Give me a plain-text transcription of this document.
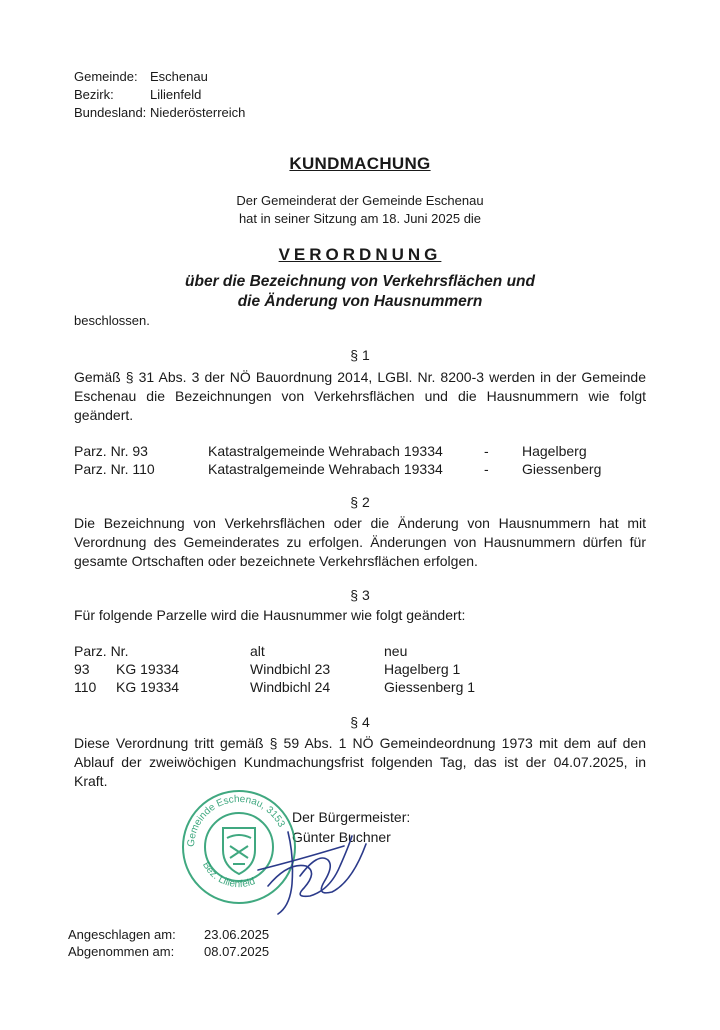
Gemeinde: Eschenau
Bezirk:	Lilienfeld
Bundesland: Niederösterreich
KUNDMACHUNG
Der Gemeinderat der Gemeinde Eschenau
hat in seiner Sitzung am 18. Juni 2025 die
VERORDNUNG
über die Bezeichnung von Verkehrsflächen und
die Änderung von Hausnummern
beschlossen.
§ 1
Gemäß § 31 Abs. 3 der NÖ Bauordnung 2014, LGBl. Nr. 8200-3 werden in der Gemeinde Eschenau die Bezeichnungen von Verkehrsflächen und die Hausnummern wie folgt geändert.
Parz. Nr. 93	Katastralgemeinde Wehrabach 19334	-	Hagelberg
Parz. Nr. 110	Katastralgemeinde Wehrabach 19334	-	Giessenberg
§ 2
Die Bezeichnung von Verkehrsflächen oder die Änderung von Hausnummern hat mit Verordnung des Gemeinderates zu erfolgen. Änderungen von Hausnummern dürfen für gesamte Ortschaften oder bezeichnete Verkehrsflächen erfolgen.
§ 3
Für folgende Parzelle wird die Hausnummer wie folgt geändert:
Parz. Nr.	alt	neu
93	KG 19334	Windbichl 23	Hagelberg 1
110	KG 19334	Windbichl 24	Giessenberg 1
§ 4
Diese Verordnung tritt gemäß § 59 Abs. 1 NÖ Gemeindeordnung 1973 mit dem auf den Ablauf der zweiwöchigen Kundmachungsfrist folgenden Tag, das ist der 04.07.2025, in Kraft.
Der Bürgermeister:
Günter Buchner
Gemeinde Eschenau, 3153
Bez. Lilienfeld
Angeschlagen am:	23.06.2025
Abgenommen am:	08.07.2025
